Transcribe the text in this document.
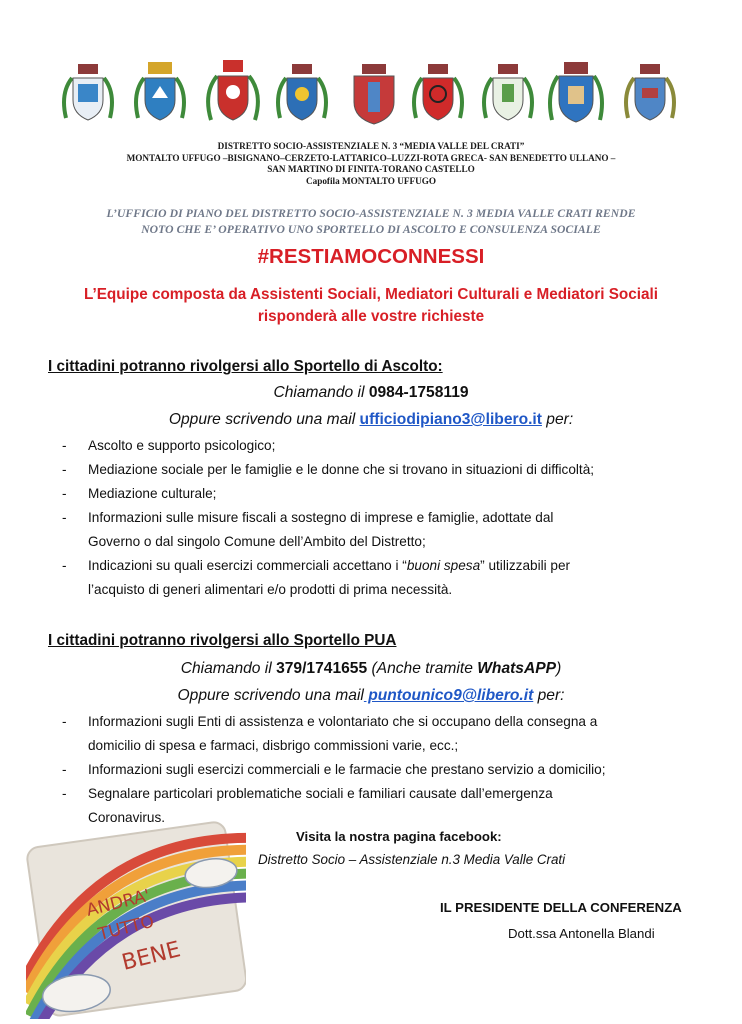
DISTRETTO SOCIO-ASSISTENZIALE N. 3 “MEDIA VALLE DEL CRATI”
MONTALTO UFFUGO –BISIGNANO–CERZETO-LATTARICO–LUZZI-ROTA GRECA- SAN BENEDETTO ULLANO –
SAN MARTINO DI FINITA-TORANO CASTELLO
Capofila MONTALTO UFFUGO
L’UFFICIO DI PIANO DEL DISTRETTO SOCIO-ASSISTENZIALE N. 3 MEDIA VALLE CRATI RENDE
NOTO CHE E’ OPERATIVO UNO SPORTELLO DI ASCOLTO E CONSULENZA SOCIALE
#RESTIAMOCONNESSI
L’Equipe composta da Assistenti Sociali, Mediatori Culturali e Mediatori Sociali
risponderà alle vostre richieste
I cittadini potranno rivolgersi allo Sportello di Ascolto:
Chiamando il 0984-1758119
Oppure scrivendo una mail ufficiodipiano3@libero.it per:
- Ascolto e supporto psicologico;
- Mediazione sociale per le famiglie e le donne che si trovano in situazioni di difficoltà;
- Mediazione culturale;
- Informazioni sulle misure fiscali a sostegno di imprese e famiglie, adottate dal
Governo o dal singolo Comune dell’Ambito del Distretto;
- Indicazioni su quali esercizi commerciali accettano i “buoni spesa” utilizzabili per
l’acquisto di generi alimentari e/o prodotti di prima necessità.
I cittadini potranno rivolgersi allo Sportello PUA
Chiamando il 379/1741655 (Anche tramite WhatsAPP)
Oppure scrivendo una mail puntounico9@libero.it per:
- Informazioni sugli Enti di assistenza e volontariato che si occupano della consegna a
domicilio di spesa e farmaci, disbrigo commissioni varie, ecc.;
- Informazioni sugli esercizi commerciali e le farmacie che prestano servizio a domicilio;
- Segnalare particolari problematiche sociali e familiari causate dall’emergenza
Coronavirus.
ANDRA'
TUTTO
BENE
Visita la nostra pagina facebook:
Distretto Socio – Assistenziale n.3 Media Valle Crati
IL PRESIDENTE DELLA CONFERENZA
Dott.ssa Antonella Blandi
